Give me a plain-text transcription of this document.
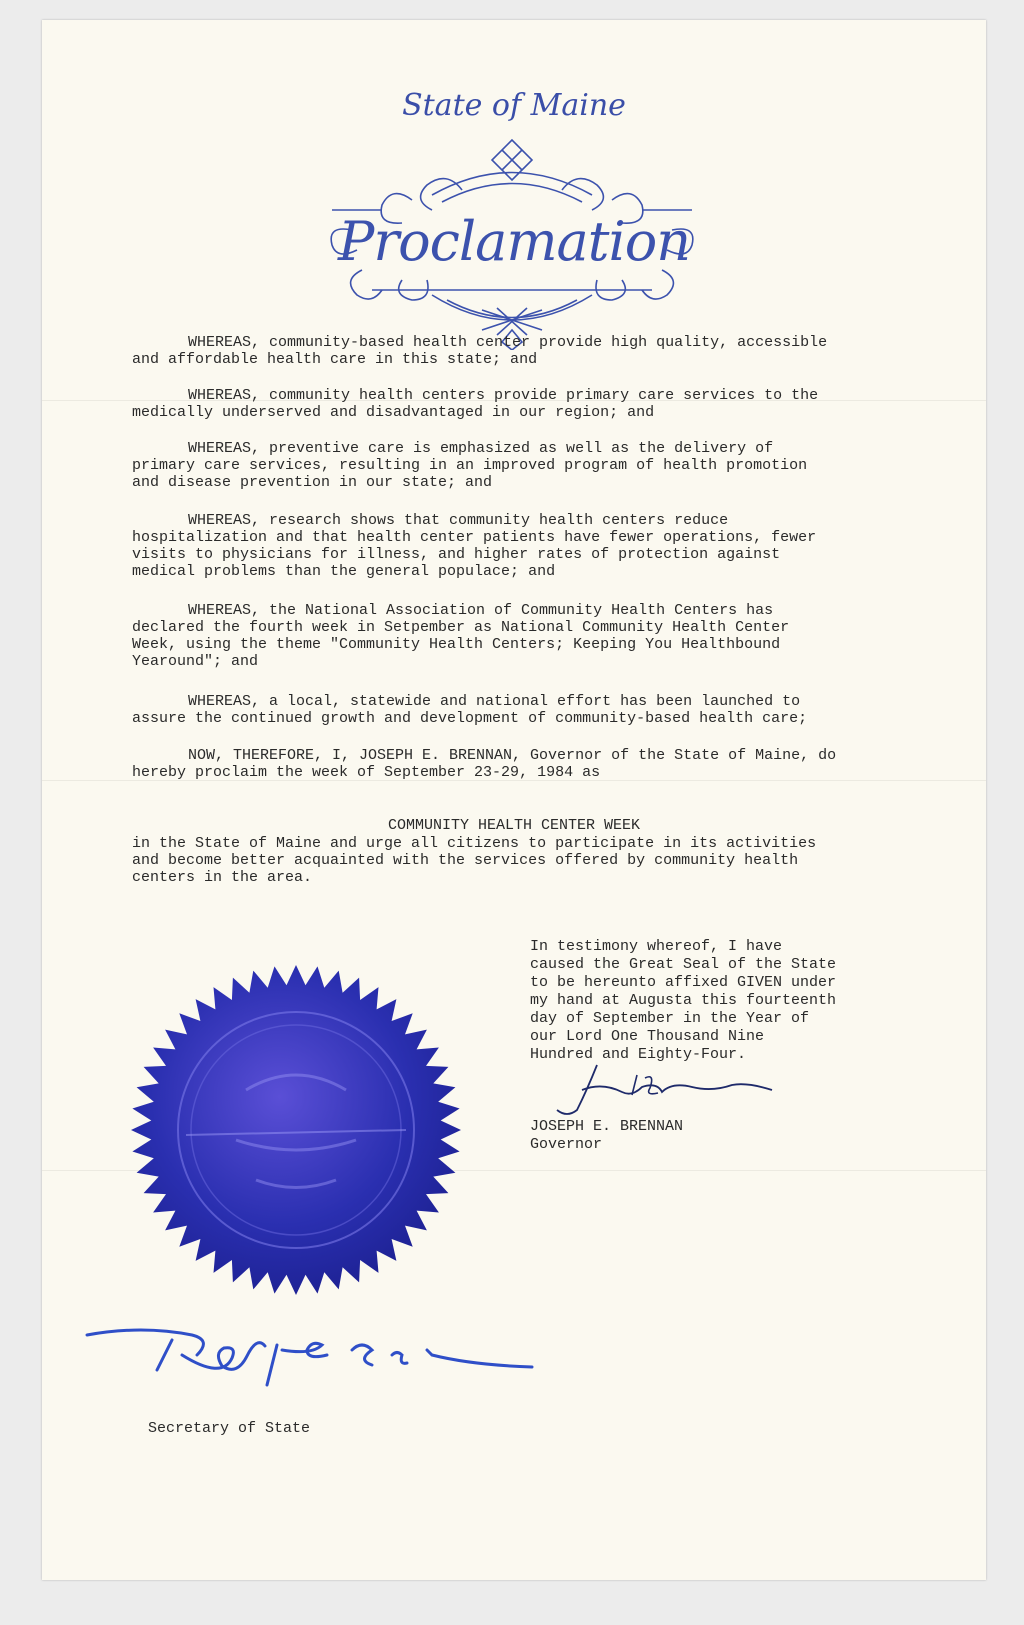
State of Maine
Proclamation
WHEREAS, community-based health center provide high quality, accessible
and affordable health care in this state; and
WHEREAS, community health centers provide primary care services to the
medically underserved and disadvantaged in our region; and
WHEREAS, preventive care is emphasized as well as the delivery of
primary care services, resulting in an improved program of health promotion
and disease prevention in our state; and
WHEREAS, research shows that community health centers reduce
hospitalization and that health center patients have fewer operations, fewer
visits to physicians for illness, and higher rates of protection against
medical problems than the general populace; and
WHEREAS, the National Association of Community Health Centers has
declared the fourth week in Setpember as National Community Health Center
Week, using the theme "Community Health Centers; Keeping You Healthbound
Yearound"; and
WHEREAS, a local, statewide and national effort has been launched to
assure the continued growth and development of community-based health care;
NOW, THEREFORE, I, JOSEPH E. BRENNAN, Governor of the State of Maine, do
hereby proclaim the week of September 23-29, 1984 as
COMMUNITY HEALTH CENTER WEEK
in the State of Maine and urge all citizens to participate in its activities
and become better acquainted with the services offered by community health
centers in the area.
In testimony whereof, I have
caused the Great Seal of the State
to be hereunto affixed GIVEN under
my hand at Augusta this fourteenth
day of September in the Year of
our Lord One Thousand Nine
Hundred and Eighty-Four.
JOSEPH E. BRENNAN
Governor
Secretary of State
